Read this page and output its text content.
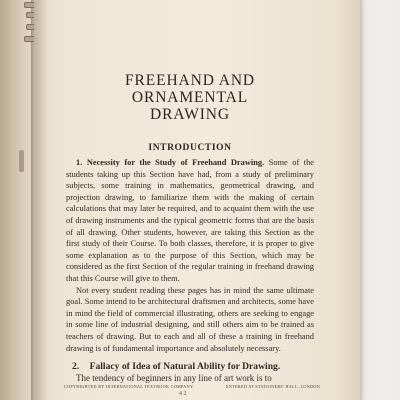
FREEHAND AND ORNAMENTAL
DRAWING
INTRODUCTION

1. Necessity for the Study of Freehand Drawing. Some of the students taking up this Section have had, from a study of preliminary subjects, some training in mathematics, geometrical drawing, and projection drawing, to familiarize them with the making of certain calculations that may later be required, and to acquaint them with the use of drawing instruments and the typical geometric forms that are the basis of all drawing. Other students, however, are taking this Section as the first study of their Course. To both classes, therefore, it is proper to give some explanation as to the purpose of this Section, which may be considered as the first Section of the regular training in freehand drawing that this Course will give to them.

Not every student reading these pages has in mind the same ultimate goal. Some intend to be architectural draftsmen and architects, some have in mind the field of commercial illustrating, others are seeking to engage in some line of industrial designing, and still others aim to be trained as teachers of drawing. But to each and all of these a training in freehand drawing is of fundamental importance and absolutely necessary.

2. Fallacy of Idea of Natural Ability for Drawing.

The tendency of beginners in any line of art work is to

COPYRIGHTED BY INTERNATIONAL TEXTBOOK COMPANY.	ENTERED AT STATIONERS' HALL, LONDON
4 2
